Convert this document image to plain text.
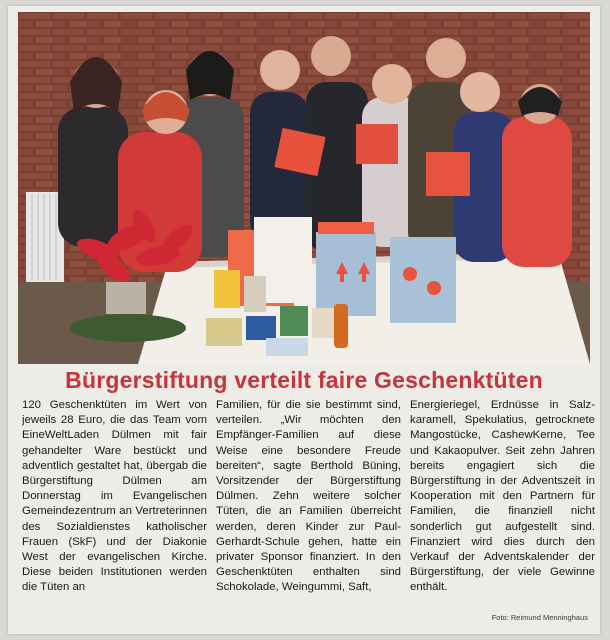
Bürgerstiftung verteilt faire Geschenktüten
120 Geschenktüten im Wert von jeweils 28 Euro, die das Team vom EineWeltLaden Dülmen mit fair gehandelter Ware bestückt und adventlich gestaltet hat, übergab die Bürgerstiftung Dülmen am Donnerstag im Evangelischen Gemeindezentrum an Vertreterinnen des Sozialdienstes katholischer Frauen (SkF) und der Diakonie West der evangelischen Kirche. Diese beiden Institutionen werden die Tüten an
Familien, für die sie bestimmt sind, verteilen. „Wir möchten den Empfänger-Familien auf diese Weise eine besondere Freude bereiten“, sagte Berthold Büning, Vorsitzender der Bürgerstiftung Dülmen. Zehn weitere solcher Tüten, die an Familien überreicht werden, deren Kinder zur Paul-Gerhardt-Schule gehen, hatte ein privater Sponsor finanziert. In den Geschenktüten enthalten sind Schokolade, Weingummi, Saft,
Energieriegel, Erdnüsse in Salzkaramell, Spekulatius, getrocknete Mangostücke, CashewKerne, Tee und Kakaopulver. Seit zehn Jahren bereits engagiert sich die Bürgerstiftung in der Adventszeit in Kooperation mit den Partnern für Familien, die finanziell nicht sonderlich gut aufgestellt sind. Finanziert wird dies durch den Verkauf der Adventskalender der Bürgerstiftung, der viele Gewinne enthält.
Foto: Reimund Menninghaus
